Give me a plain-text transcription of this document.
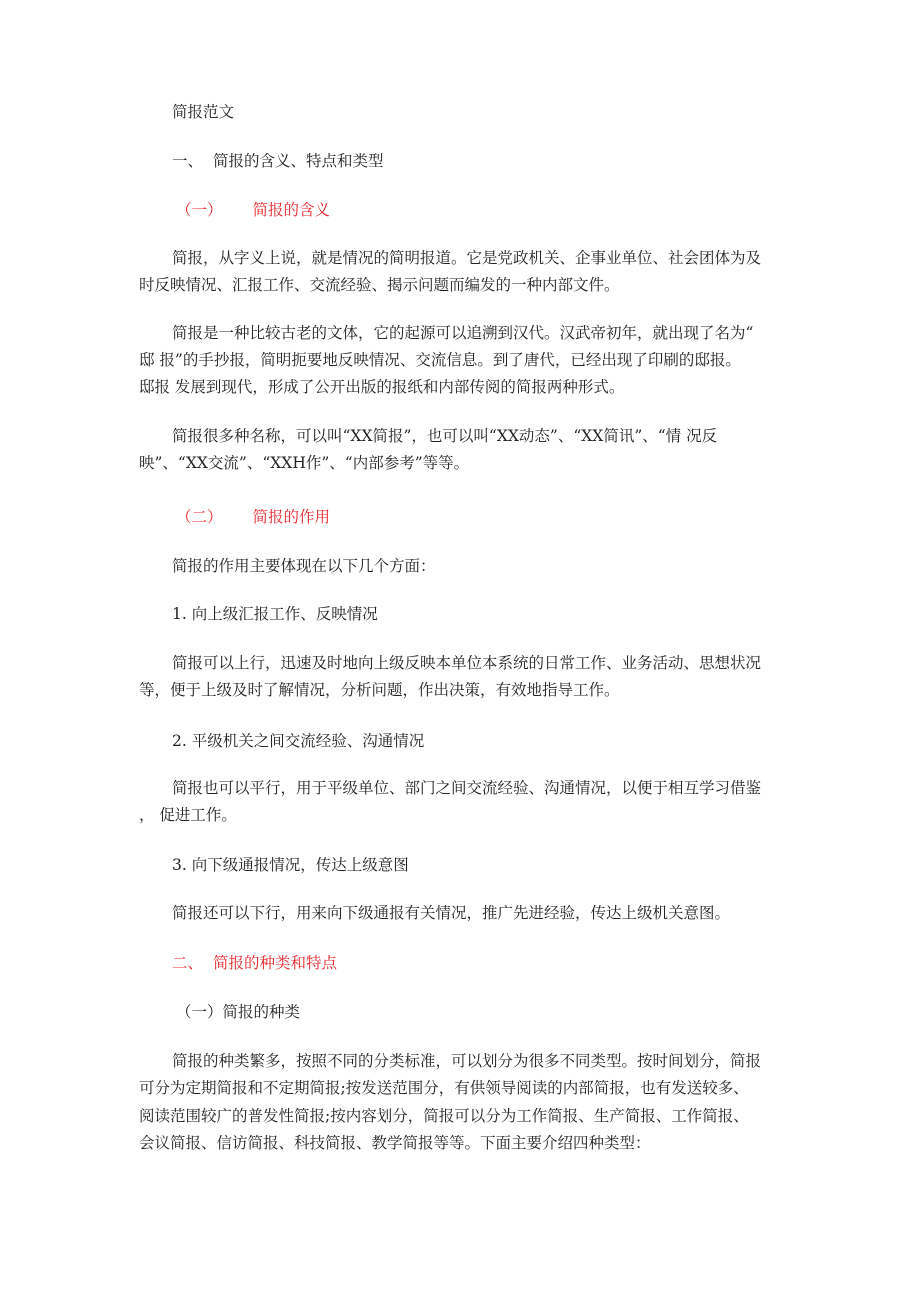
简报范文
一、 简报的含义、特点和类型
（一） 简报的含义
简报，从字义上说，就是情况的简明报道。它是党政机关、企事业单位、社会团体为及
时反映情况、汇报工作、交流经验、揭示问题而编发的一种内部文件。
简报是一种比较古老的文体，它的起源可以追溯到汉代。汉武帝初年，就出现了名为“
邸 报”的手抄报，简明扼要地反映情况、交流信息。到了唐代，已经出现了印刷的邸报。
邸报 发展到现代，形成了公开出版的报纸和内部传阅的简报两种形式。
简报很多种名称，可以叫“XX简报”，也可以叫“XX动态”、“XX简讯”、“情 况反
映”、“XX交流”、“XXH作”、“内部参考”等等。
（二） 简报的作用
简报的作用主要体现在以下几个方面：
1. 向上级汇报工作、反映情况
简报可以上行，迅速及时地向上级反映本单位本系统的日常工作、业务活动、思想状况
等，便于上级及时了解情况，分析问题，作出决策，有效地指导工作。
2. 平级机关之间交流经验、沟通情况
简报也可以平行，用于平级单位、部门之间交流经验、沟通情况，以便于相互学习借鉴
， 促进工作。
3. 向下级通报情况，传达上级意图
简报还可以下行，用来向下级通报有关情况，推广先进经验，传达上级机关意图。
二、 简报的种类和特点
（一）简报的种类
简报的种类繁多，按照不同的分类标准，可以划分为很多不同类型。按时间划分，简报
可分为定期简报和不定期简报;按发送范围分，有供领导阅读的内部简报，也有发送较多、
阅读范围较广的普发性简报;按内容划分，简报可以分为工作简报、生产简报、工作简报、
会议简报、信访简报、科技简报、教学简报等等。下面主要介绍四种类型：
